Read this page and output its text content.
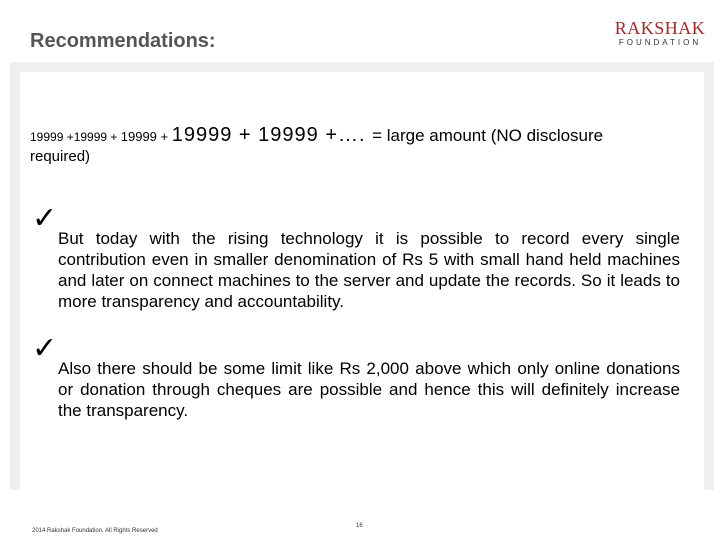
Recommendations:
RAKSHAK
FOUNDATION
19999 +19999 + 19999 + 19999 + 19999 +…. = large amount (NO disclosure
required)
✓
But today with the rising technology it is possible to record every single contribution even in smaller denomination of Rs 5 with small hand held machines and later on connect machines to the server and update the records. So it leads to more transparency and accountability.
✓
Also there should be some limit like Rs 2,000 above which only online donations or donation through cheques are possible and hence this will definitely increase the transparency.
2014 Rakshak Foundation. All Rights Reserved
16
